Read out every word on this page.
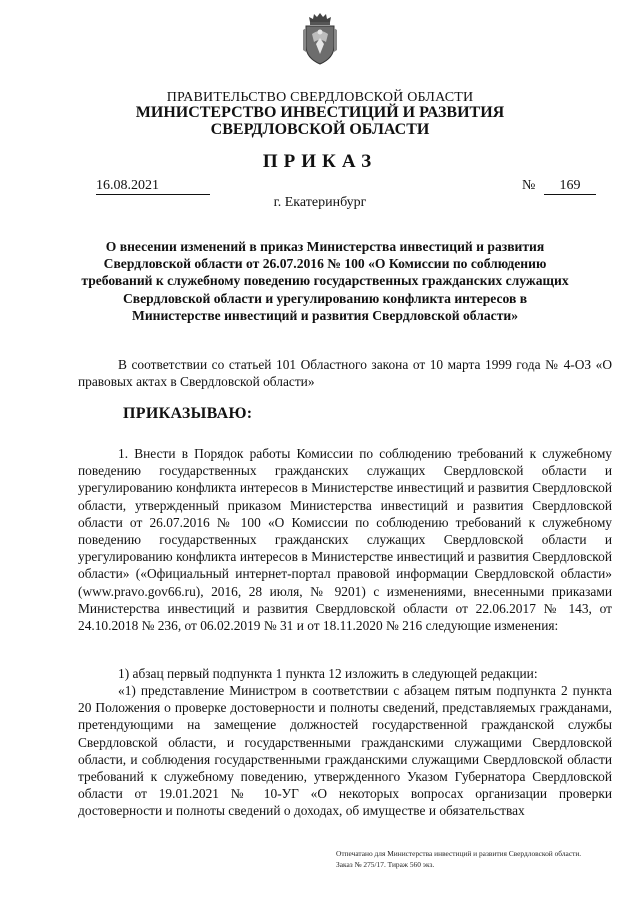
ПРАВИТЕЛЬСТВО СВЕРДЛОВСКОЙ ОБЛАСТИ
МИНИСТЕРСТВО ИНВЕСТИЦИЙ И РАЗВИТИЯ
СВЕРДЛОВСКОЙ ОБЛАСТИ
ПРИКАЗ
16.08.2021	№	169
г. Екатеринбург
О внесении изменений в приказ Министерства инвестиций и развития Свердловской области от 26.07.2016 № 100 «О Комиссии по соблюдению требований к служебному поведению государственных гражданских служащих Свердловской области и урегулированию конфликта интересов в Министерстве инвестиций и развития Свердловской области»
В соответствии со статьей 101 Областного закона от 10 марта 1999 года № 4-ОЗ «О правовых актах в Свердловской области»
ПРИКАЗЫВАЮ:
1. Внести в Порядок работы Комиссии по соблюдению требований к служебному поведению государственных гражданских служащих Свердловской области и урегулированию конфликта интересов в Министерстве инвестиций и развития Свердловской области, утвержденный приказом Министерства инвестиций и развития Свердловской области от 26.07.2016 № 100 «О Комиссии по соблюдению требований к служебному поведению государственных гражданских служащих Свердловской области и урегулированию конфликта интересов в Министерстве инвестиций и развития Свердловской области» («Официальный интернет-портал правовой информации Свердловской области» (www.pravo.gov66.ru), 2016, 28 июля, № 9201) с изменениями, внесенными приказами Министерства инвестиций и развития Свердловской области от 22.06.2017 № 143, от 24.10.2018 № 236, от 06.02.2019 № 31 и от 18.11.2020 № 216 следующие изменения:
1) абзац первый подпункта 1 пункта 12 изложить в следующей редакции:
«1) представление Министром в соответствии с абзацем пятым подпункта 2 пункта 20 Положения о проверке достоверности и полноты сведений, представляемых гражданами, претендующими на замещение должностей государственной гражданской службы Свердловской области, и государственными гражданскими служащими Свердловской области, и соблюдения государственными гражданскими служащими Свердловской области требований к служебному поведению, утвержденного Указом Губернатора Свердловской области от 19.01.2021 № 10-УГ «О некоторых вопросах организации проверки достоверности и полноты сведений о доходах, об имуществе и обязательствах
Отпечатано для Министерства инвестиций и развития Свердловской области.
Заказ № 275/17. Тираж 560 экз.
